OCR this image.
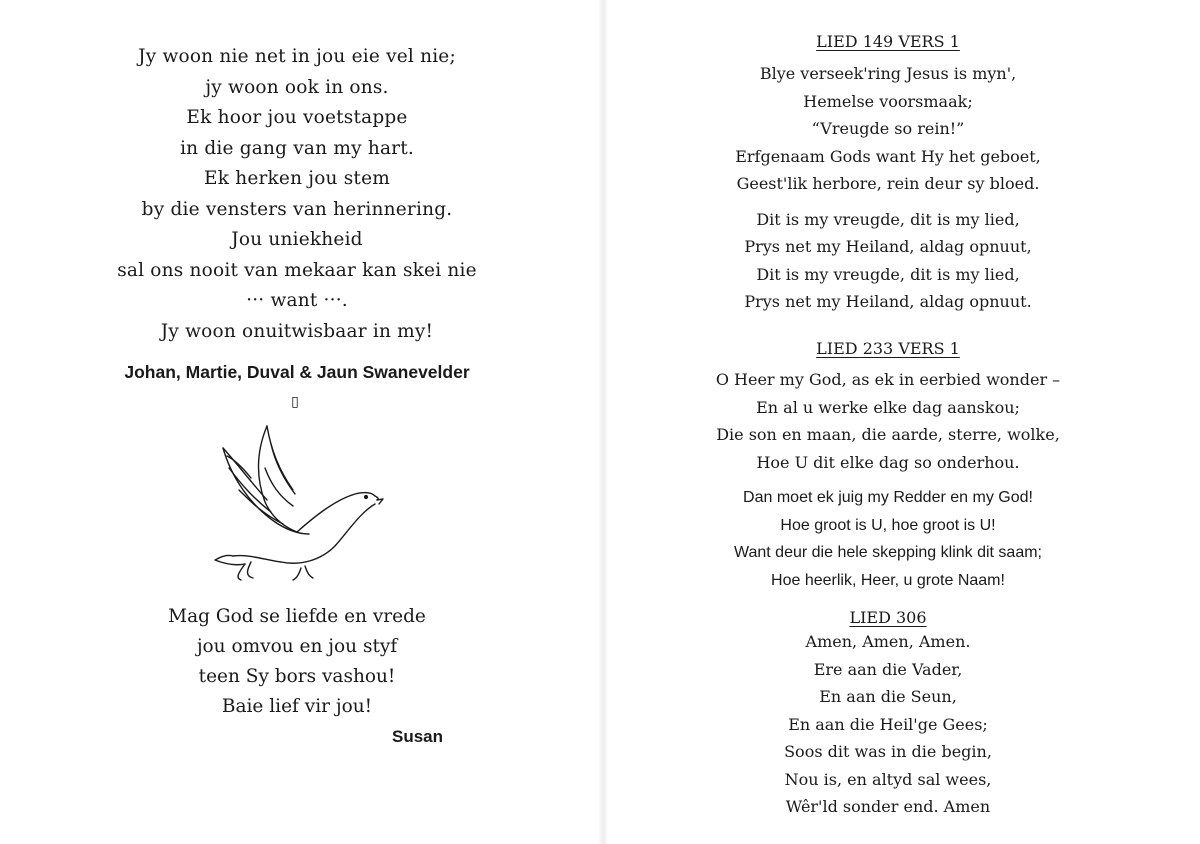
Jy woon nie net in jou eie vel nie;
jy woon ook in ons.
Ek hoor jou voetstappe
in die gang van my hart.
Ek herken jou stem
by die vensters van herinnering.
Jou uniekheid
sal ons nooit van mekaar kan skei nie
··· want ···.
Jy woon onuitwisbaar in my!
Johan, Martie, Duval & Jaun Swanevelder
▯
Mag God se liefde en vrede
jou omvou en jou styf
teen Sy bors vashou!
Baie lief vir jou!
Susan
LIED 149 VERS 1
Blye verseek'ring Jesus is myn',
Hemelse voorsmaak;
“Vreugde so rein!”
Erfgenaam Gods want Hy het geboet,
Geest'lik herbore, rein deur sy bloed.
Dit is my vreugde, dit is my lied,
Prys net my Heiland, aldag opnuut,
Dit is my vreugde, dit is my lied,
Prys net my Heiland, aldag opnuut.
LIED 233 VERS 1
O Heer my God, as ek in eerbied wonder –
En al u werke elke dag aanskou;
Die son en maan, die aarde, sterre, wolke,
Hoe U dit elke dag so onderhou.
Dan moet ek juig my Redder en my God!
Hoe groot is U, hoe groot is U!
Want deur die hele skepping klink dit saam;
Hoe heerlik, Heer, u grote Naam!
LIED 306
Amen, Amen, Amen.
Ere aan die Vader,
En aan die Seun,
En aan die Heil'ge Gees;
Soos dit was in die begin,
Nou is, en altyd sal wees,
Wêr'ld sonder end. Amen
